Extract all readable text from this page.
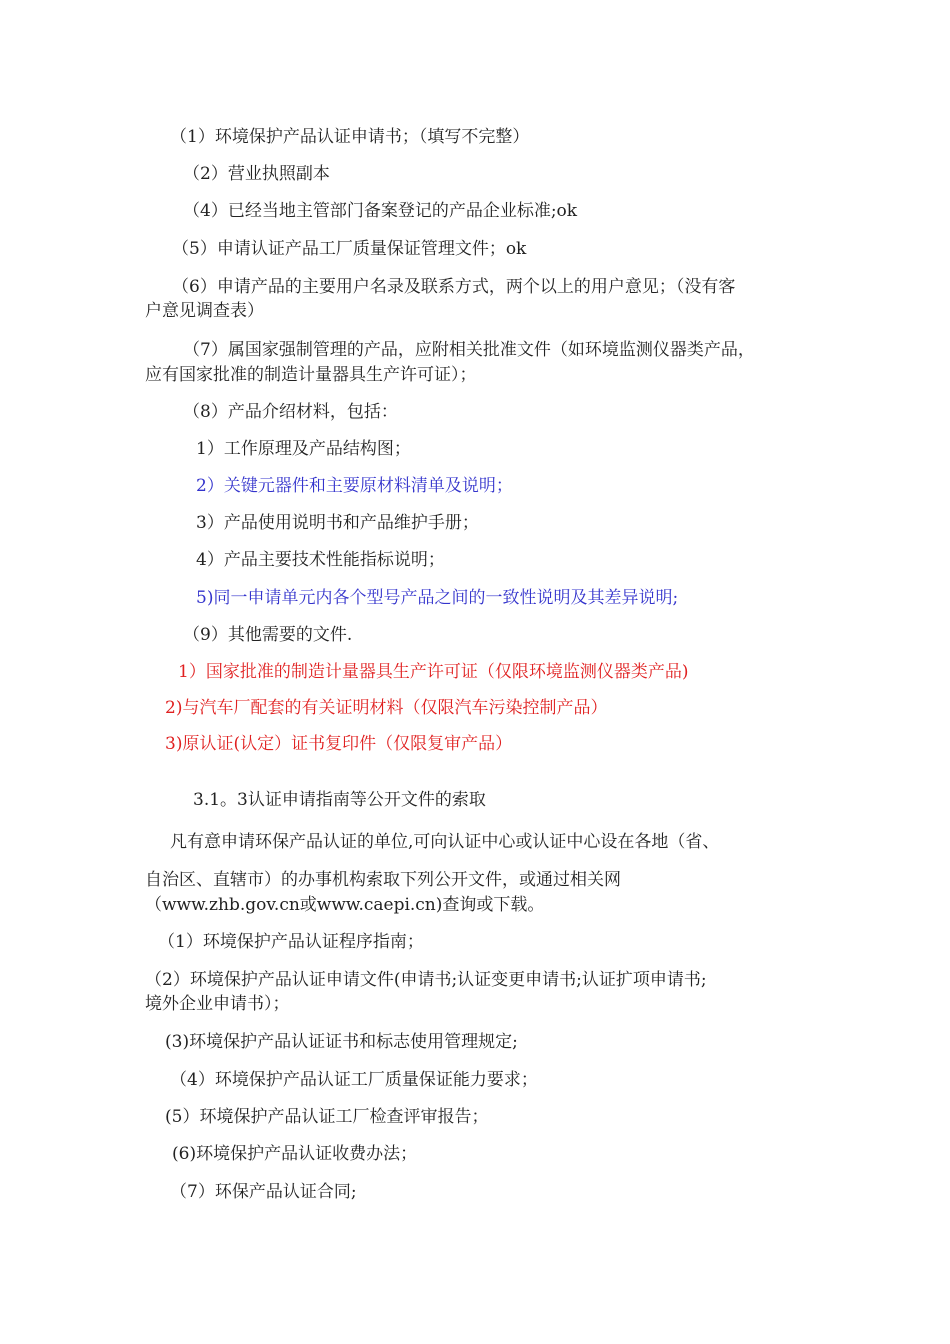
（1）环境保护产品认证申请书；（填写不完整）
（2）营业执照副本
（4）已经当地主管部门备案登记的产品企业标准;ok
（5）申请认证产品工厂质量保证管理文件；ok
（6）申请产品的主要用户名录及联系方式，两个以上的用户意见；（没有客
户意见调查表）
（7）属国家强制管理的产品，应附相关批准文件（如环境监测仪器类产品，
应有国家批准的制造计量器具生产许可证）；
（8）产品介绍材料，包括：
1）工作原理及产品结构图；
2）关键元器件和主要原材料清单及说明；
3）产品使用说明书和产品维护手册；
4）产品主要技术性能指标说明；
5)同一申请单元内各个型号产品之间的一致性说明及其差异说明;
（9）其他需要的文件.
1）国家批准的制造计量器具生产许可证（仅限环境监测仪器类产品)
2)与汽车厂配套的有关证明材料（仅限汽车污染控制产品）
3)原认证(认定）证书复印件（仅限复审产品）
3.1。3认证申请指南等公开文件的索取
凡有意申请环保产品认证的单位,可向认证中心或认证中心设在各地（省、
自治区、直辖市）的办事机构索取下列公开文件，或通过相关网
（www.zhb.gov.cn或www.caepi.cn)查询或下载。
（1）环境保护产品认证程序指南；
（2）环境保护产品认证申请文件(申请书;认证变更申请书;认证扩项申请书;
境外企业申请书）；
(3)环境保护产品认证证书和标志使用管理规定;
（4）环境保护产品认证工厂质量保证能力要求；
(5）环境保护产品认证工厂检查评审报告；
(6)环境保护产品认证收费办法；
（7）环保产品认证合同;
